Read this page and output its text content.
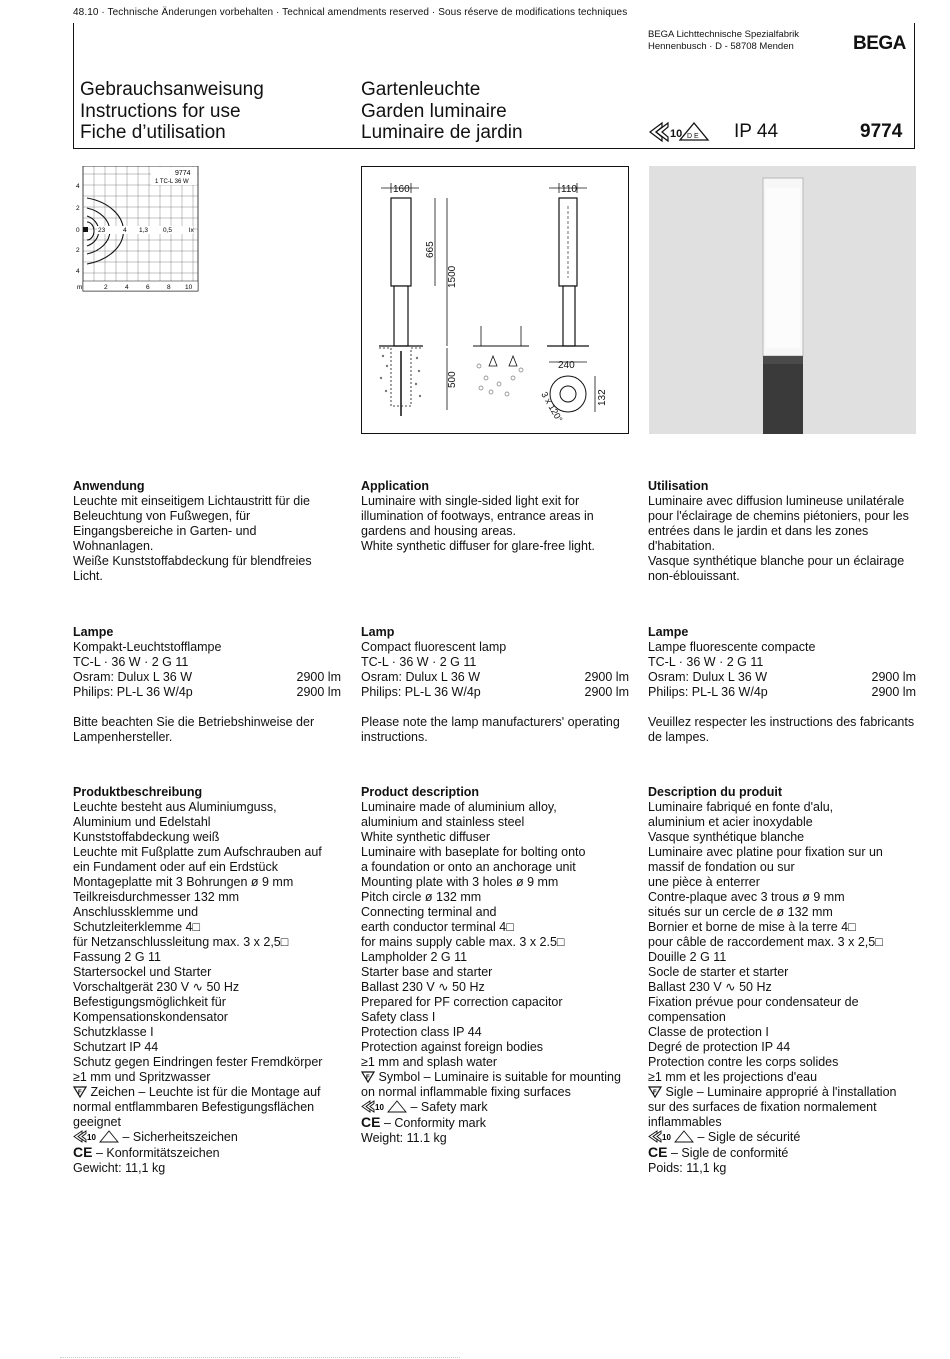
48.10 · Technische Änderungen vorbehalten · Technical amendments reserved · Sous réserve de modifications techniques
BEGA Lichttechnische Spezialfabrik
Hennenbusch · D - 58708 Menden	BEGA
Gebrauchsanweisung
Instructions for use
Fiche d’utilisation
Gartenleuchte
Garden luminaire
Luminaire de jardin	10 D E IP 44	9774
9774
1 TC-L 36 W
4
2
0
2
4
23	4 1,3 0,5	lx
m	2	4	6	8 10
160
665
1500
500
110
240
132
3 x 120°
Anwendung
Leuchte mit einseitigem Lichtaustritt für die
Beleuchtung von Fußwegen, für
Eingangsbereiche in Garten- und
Wohnanlagen.
Weiße Kunststoffabdeckung für blendfreies
Licht.
Application
Luminaire with single-sided light exit for
illumination of footways, entrance areas in
gardens and housing areas.
White synthetic diffuser for glare-free light.
Utilisation
Luminaire avec diffusion lumineuse unilatérale
pour l'éclairage de chemins piétoniers, pour les
entrées dans le jardin et dans les zones
d'habitation.
Vasque synthétique blanche pour un éclairage
non-éblouissant.
Lampe
Kompakt-Leuchtstofflampe
TC-L · 36 W · 2 G 11
Osram: Dulux L 36 W	2900 lm
Philips: PL-L 36 W/4p	2900 lm
Bitte beachten Sie die Betriebshinweise der
Lampenhersteller.
Lamp
Compact fluorescent lamp
TC-L · 36 W · 2 G 11
Osram: Dulux L 36 W	2900 lm
Philips: PL-L 36 W/4p	2900 lm
Please note the lamp manufacturers' operating
instructions.
Lampe
Lampe fluorescente compacte
TC-L · 36 W · 2 G 11
Osram: Dulux L 36 W	2900 lm
Philips: PL-L 36 W/4p	2900 lm
Veuillez respecter les instructions des fabricants
de lampes.
Produktbeschreibung
Leuchte besteht aus Aluminiumguss,
Aluminium und Edelstahl
Kunststoffabdeckung weiß
Leuchte mit Fußplatte zum Aufschrauben auf
ein Fundament oder auf ein Erdstück
Montageplatte mit 3 Bohrungen ø 9 mm
Teilkreisdurchmesser 132 mm
Anschlussklemme und
Schutzleiterklemme 4□
für Netzanschlussleitung max. 3 x 2,5□
Fassung 2 G 11
Startersockel und Starter
Vorschaltgerät 230 V ∿ 50 Hz
Befestigungsmöglichkeit für
Kompensationskondensator
Schutzklasse I
Schutzart IP 44
Schutz gegen Eindringen fester Fremdkörper
≥1 mm und Spritzwasser
F Zeichen – Leuchte ist für die Montage auf
normal entflammbaren Befestigungsflächen
geeignet
10 – Sicherheitszeichen
CE – Konformitätszeichen
Gewicht: 11,1 kg
Product description
Luminaire made of aluminium alloy,
aluminium and stainless steel
White synthetic diffuser
Luminaire with baseplate for bolting onto
a foundation or onto an anchorage unit
Mounting plate with 3 holes ø 9 mm
Pitch circle ø 132 mm
Connecting terminal and
earth conductor terminal 4□
for mains supply cable max. 3 x 2.5□
Lampholder 2 G 11
Starter base and starter
Ballast 230 V ∿ 50 Hz
Prepared for PF correction capacitor
Safety class I
Protection class IP 44
Protection against foreign bodies
≥1 mm and splash water
F Symbol – Luminaire is suitable for mounting
on normal inflammable fixing surfaces
10 – Safety mark
CE – Conformity mark
Weight: 11.1 kg
Description du produit
Luminaire fabriqué en fonte d'alu,
aluminium et acier inoxydable
Vasque synthétique blanche
Luminaire avec platine pour fixation sur un
massif de fondation ou sur
une pièce à enterrer
Contre-plaque avec 3 trous ø 9 mm
situés sur un cercle de ø 132 mm
Bornier et borne de mise à la terre 4□
pour câble de raccordement max. 3 x 2,5□
Douille 2 G 11
Socle de starter et starter
Ballast 230 V ∿ 50 Hz
Fixation prévue pour condensateur de
compensation
Classe de protection I
Degré de protection IP 44
Protection contre les corps solides
≥1 mm et les projections d'eau
F Sigle – Luminaire approprié à l'installation
sur des surfaces de fixation normalement
inflammables
10 – Sigle de sécurité
CE – Sigle de conformité
Poids: 11,1 kg
